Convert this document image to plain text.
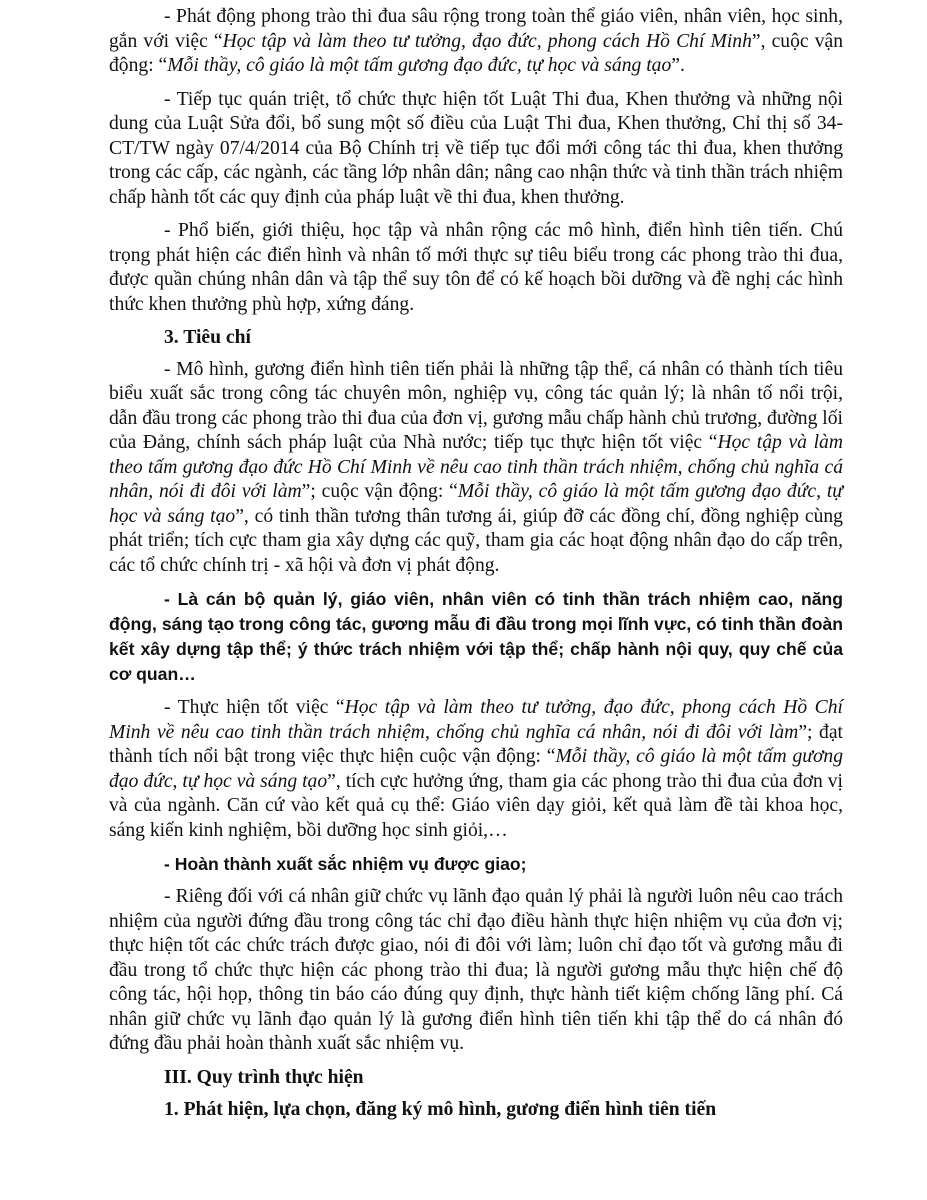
- Phát động phong trào thi đua sâu rộng trong toàn thể giáo viên, nhân viên, học sinh, gắn với việc “Học tập và làm theo tư tưởng, đạo đức, phong cách Hồ Chí Minh”, cuộc vận động: “Mỗi thầy, cô giáo là một tấm gương đạo đức, tự học và sáng tạo”.

- Tiếp tục quán triệt, tổ chức thực hiện tốt Luật Thi đua, Khen thưởng và những nội dung của Luật Sửa đổi, bổ sung một số điều của Luật Thi đua, Khen thưởng, Chỉ thị số 34-CT/TW ngày 07/4/2014 của Bộ Chính trị về tiếp tục đổi mới công tác thi đua, khen thưởng trong các cấp, các ngành, các tầng lớp nhân dân; nâng cao nhận thức và tinh thần trách nhiệm chấp hành tốt các quy định của pháp luật về thi đua, khen thưởng.

- Phổ biến, giới thiệu, học tập và nhân rộng các mô hình, điển hình tiên tiến. Chú trọng phát hiện các điển hình và nhân tố mới thực sự tiêu biểu trong các phong trào thi đua, được quần chúng nhân dân và tập thể suy tôn để có kế hoạch bồi dưỡng và đề nghị các hình thức khen thưởng phù hợp, xứng đáng.

3. Tiêu chí

- Mô hình, gương điển hình tiên tiến phải là những tập thể, cá nhân có thành tích tiêu biểu xuất sắc trong công tác chuyên môn, nghiệp vụ, công tác quản lý; là nhân tố nổi trội, dẫn đầu trong các phong trào thi đua của đơn vị, gương mẫu chấp hành chủ trương, đường lối của Đảng, chính sách pháp luật của Nhà nước; tiếp tục thực hiện tốt việc “Học tập và làm theo tấm gương đạo đức Hồ Chí Minh về nêu cao tinh thần trách nhiệm, chống chủ nghĩa cá nhân, nói đi đôi với làm”; cuộc vận động: “Mỗi thầy, cô giáo là một tấm gương đạo đức, tự học và sáng tạo”, có tinh thần tương thân tương ái, giúp đỡ các đồng chí, đồng nghiệp cùng phát triển; tích cực tham gia xây dựng các quỹ, tham gia các hoạt động nhân đạo do cấp trên, các tổ chức chính trị - xã hội và đơn vị phát động.

- Là cán bộ quản lý, giáo viên, nhân viên có tinh thần trách nhiệm cao, năng động, sáng tạo trong công tác, gương mẫu đi đầu trong mọi lĩnh vực, có tinh thần đoàn kết xây dựng tập thể; ý thức trách nhiệm với tập thể; chấp hành nội quy, quy chế của cơ quan…

- Thực hiện tốt việc “Học tập và làm theo tư tưởng, đạo đức, phong cách Hồ Chí Minh về nêu cao tinh thần trách nhiệm, chống chủ nghĩa cá nhân, nói đi đôi với làm”; đạt thành tích nổi bật trong việc thực hiện cuộc vận động: “Mỗi thầy, cô giáo là một tấm gương đạo đức, tự học và sáng tạo”, tích cực hưởng ứng, tham gia các phong trào thi đua của đơn vị và của ngành. Căn cứ vào kết quả cụ thể: Giáo viên dạy giỏi, kết quả làm đề tài khoa học, sáng kiến kinh nghiệm, bồi dưỡng học sinh giỏi,…

- Hoàn thành xuất sắc nhiệm vụ được giao;

- Riêng đối với cá nhân giữ chức vụ lãnh đạo quản lý phải là người luôn nêu cao trách nhiệm của người đứng đầu trong công tác chỉ đạo điều hành thực hiện nhiệm vụ của đơn vị; thực hiện tốt các chức trách được giao, nói đi đôi với làm; luôn chỉ đạo tốt và gương mẫu đi đầu trong tổ chức thực hiện các phong trào thi đua; là người gương mẫu thực hiện chế độ công tác, hội họp, thông tin báo cáo đúng quy định, thực hành tiết kiệm chống lãng phí. Cá nhân giữ chức vụ lãnh đạo quản lý là gương điển hình tiên tiến khi tập thể do cá nhân đó đứng đầu phải hoàn thành xuất sắc nhiệm vụ.

III. Quy trình thực hiện
1. Phát hiện, lựa chọn, đăng ký mô hình, gương điển hình tiên tiến
